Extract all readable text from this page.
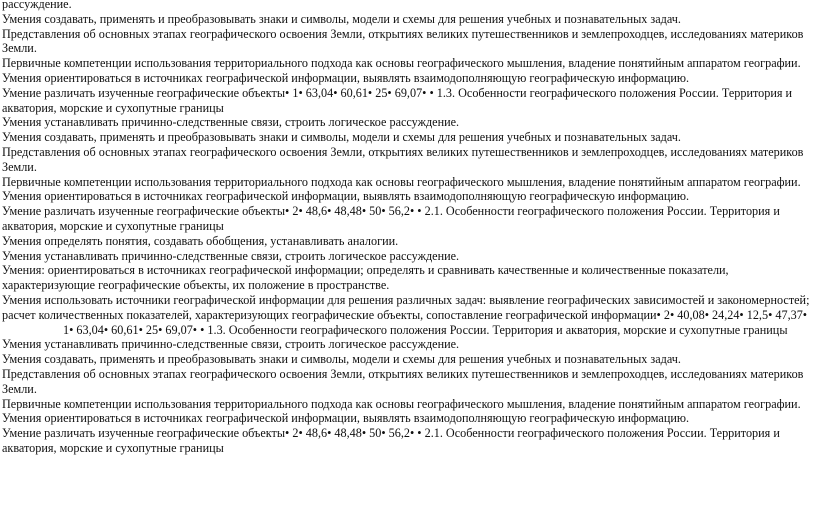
рассуждение.

Умения создавать, применять и преобразовывать знаки и символы, модели и схемы для решения учебных и познавательных задач.

Представления об основных этапах географического освоения Земли, открытиях великих путешественников и землепроходцев, исследованиях материков Земли.

Первичные компетенции использования территориального подхода как основы географического мышления, владение понятийным аппаратом географии.

Умения ориентироваться в источниках географической информации, выявлять взаимодополняющую географическую информацию.

Умение различать изученные географические объекты• 1• 63,04• 60,61• 25• 69,07• • 1.3. Особенности географического положения России. Территория и акватория, морские и сухопутные границы

Умения устанавливать причинно-следственные связи, строить логическое рассуждение.

Умения создавать, применять и преобразовывать знаки и символы, модели и схемы для решения учебных и познавательных задач.

Представления об основных этапах географического освоения Земли, открытиях великих путешественников и землепроходцев, исследованиях материков Земли.

Первичные компетенции использования территориального подхода как основы географического мышления, владение понятийным аппаратом географии.

Умения ориентироваться в источниках географической информации, выявлять взаимодополняющую географическую информацию.

Умение различать изученные географические объекты• 2• 48,6• 48,48• 50• 56,2• • 2.1. Особенности географического положения России. Территория и акватория, морские и сухопутные границы

Умения определять понятия, создавать обобщения, устанавливать аналогии.

Умения устанавливать причинно-следственные связи, строить логическое рассуждение.

Умения: ориентироваться в источниках географической информации; определять и сравнивать качественные и количественные показатели, характеризующие географические объекты, их положение в пространстве.

Умения использовать источники географической информации для решения различных задач: выявление географических зависимостей и закономерностей; расчет количественных показателей, характеризующих географические объекты, сопоставление географической информации• 2• 40,08• 24,24• 12,5• 47,37•

1• 63,04• 60,61• 25• 69,07• • 1.3. Особенности географического положения России. Территория и акватория, морские и сухопутные границы

Умения устанавливать причинно-следственные связи, строить логическое рассуждение.

Умения создавать, применять и преобразовывать знаки и символы, модели и схемы для решения учебных и познавательных задач.

Представления об основных этапах географического освоения Земли, открытиях великих путешественников и землепроходцев, исследованиях материков Земли.

Первичные компетенции использования территориального подхода как основы географического мышления, владение понятийным аппаратом географии.

Умения ориентироваться в источниках географической информации, выявлять взаимодополняющую географическую информацию.

Умение различать изученные географические объекты• 2• 48,6• 48,48• 50• 56,2• • 2.1. Особенности географического положения России. Территория и акватория, морские и сухопутные границы
